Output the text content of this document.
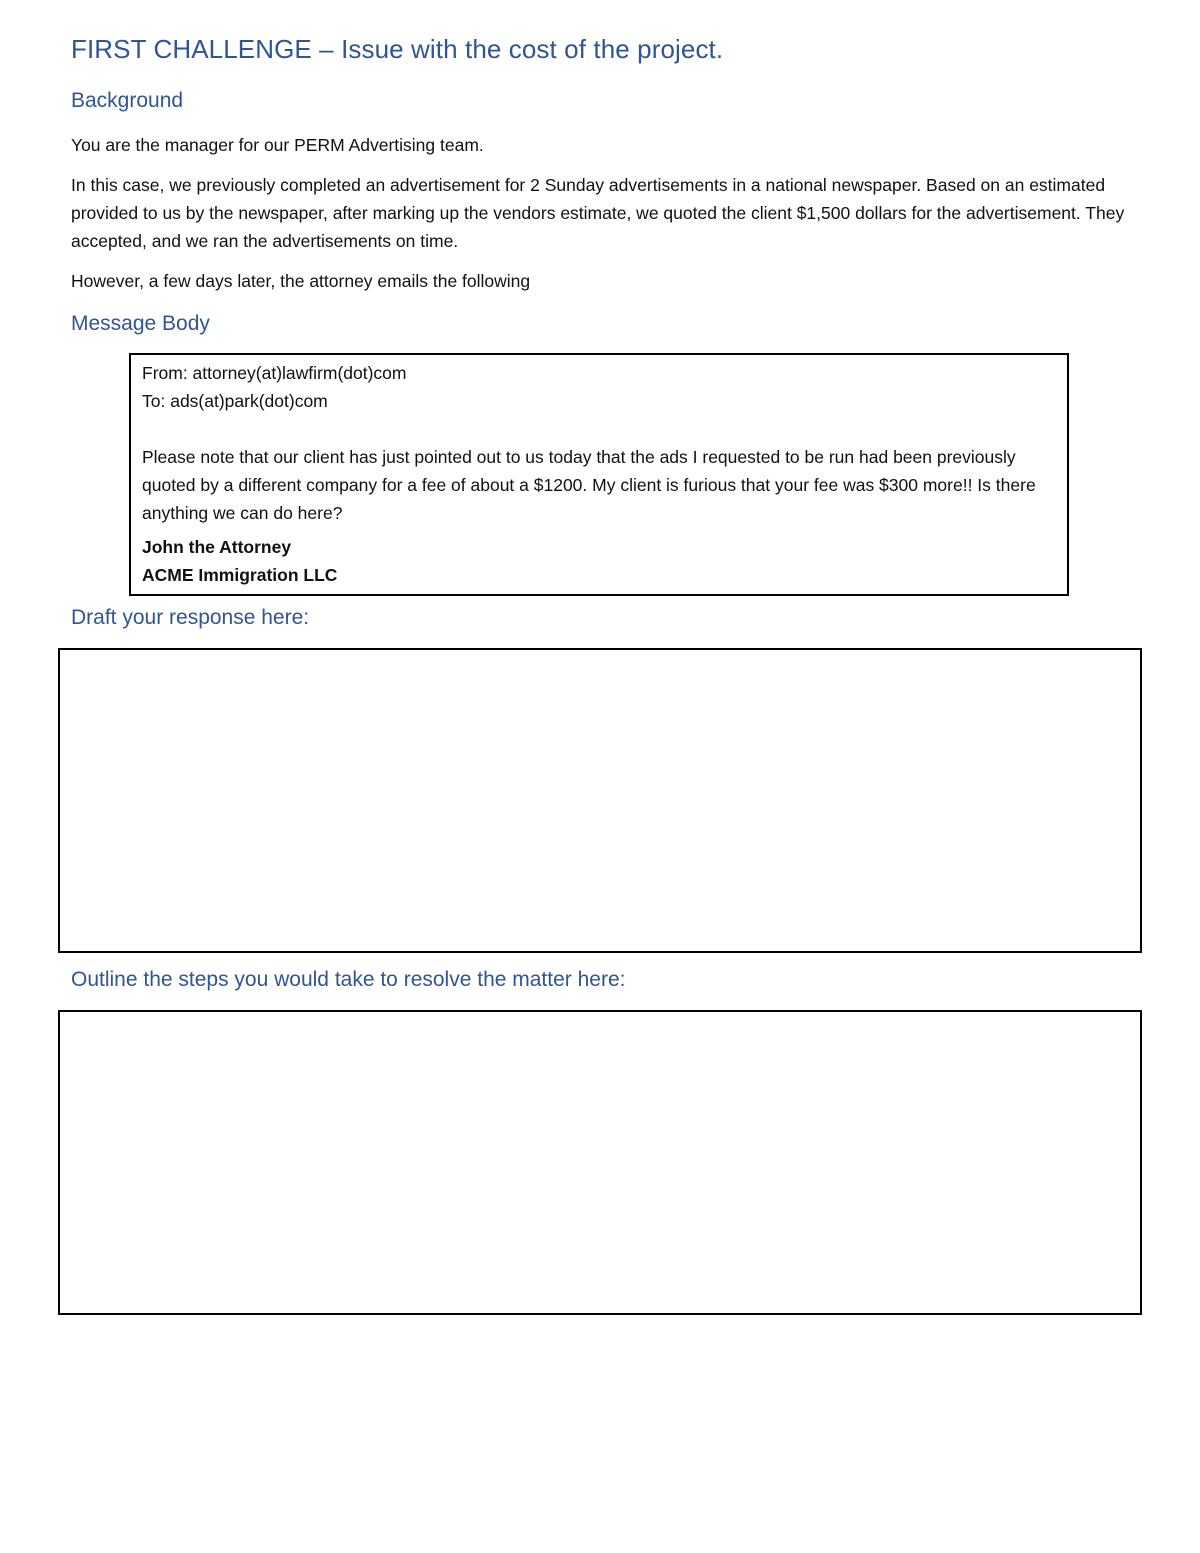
FIRST CHALLENGE – Issue with the cost of the project.
Background

You are the manager for our PERM Advertising team.

In this case, we previously completed an advertisement for 2 Sunday advertisements in a national newspaper. Based on an estimated provided to us by the newspaper, after marking up the vendors estimate, we quoted the client $1,500 dollars for the advertisement. They accepted, and we ran the advertisements on time.

However, a few days later, the attorney emails the following

Message Body
From: attorney(at)lawfirm(dot)com
To: ads(at)park(dot)com
Please note that our client has just pointed out to us today that the ads I requested to be run had been previously quoted by a different company for a fee of about a $1200. My client is furious that your fee was $300 more!! Is there anything we can do here?
John the Attorney
ACME Immigration LLC
Draft your response here:
Outline the steps you would take to resolve the matter here:
